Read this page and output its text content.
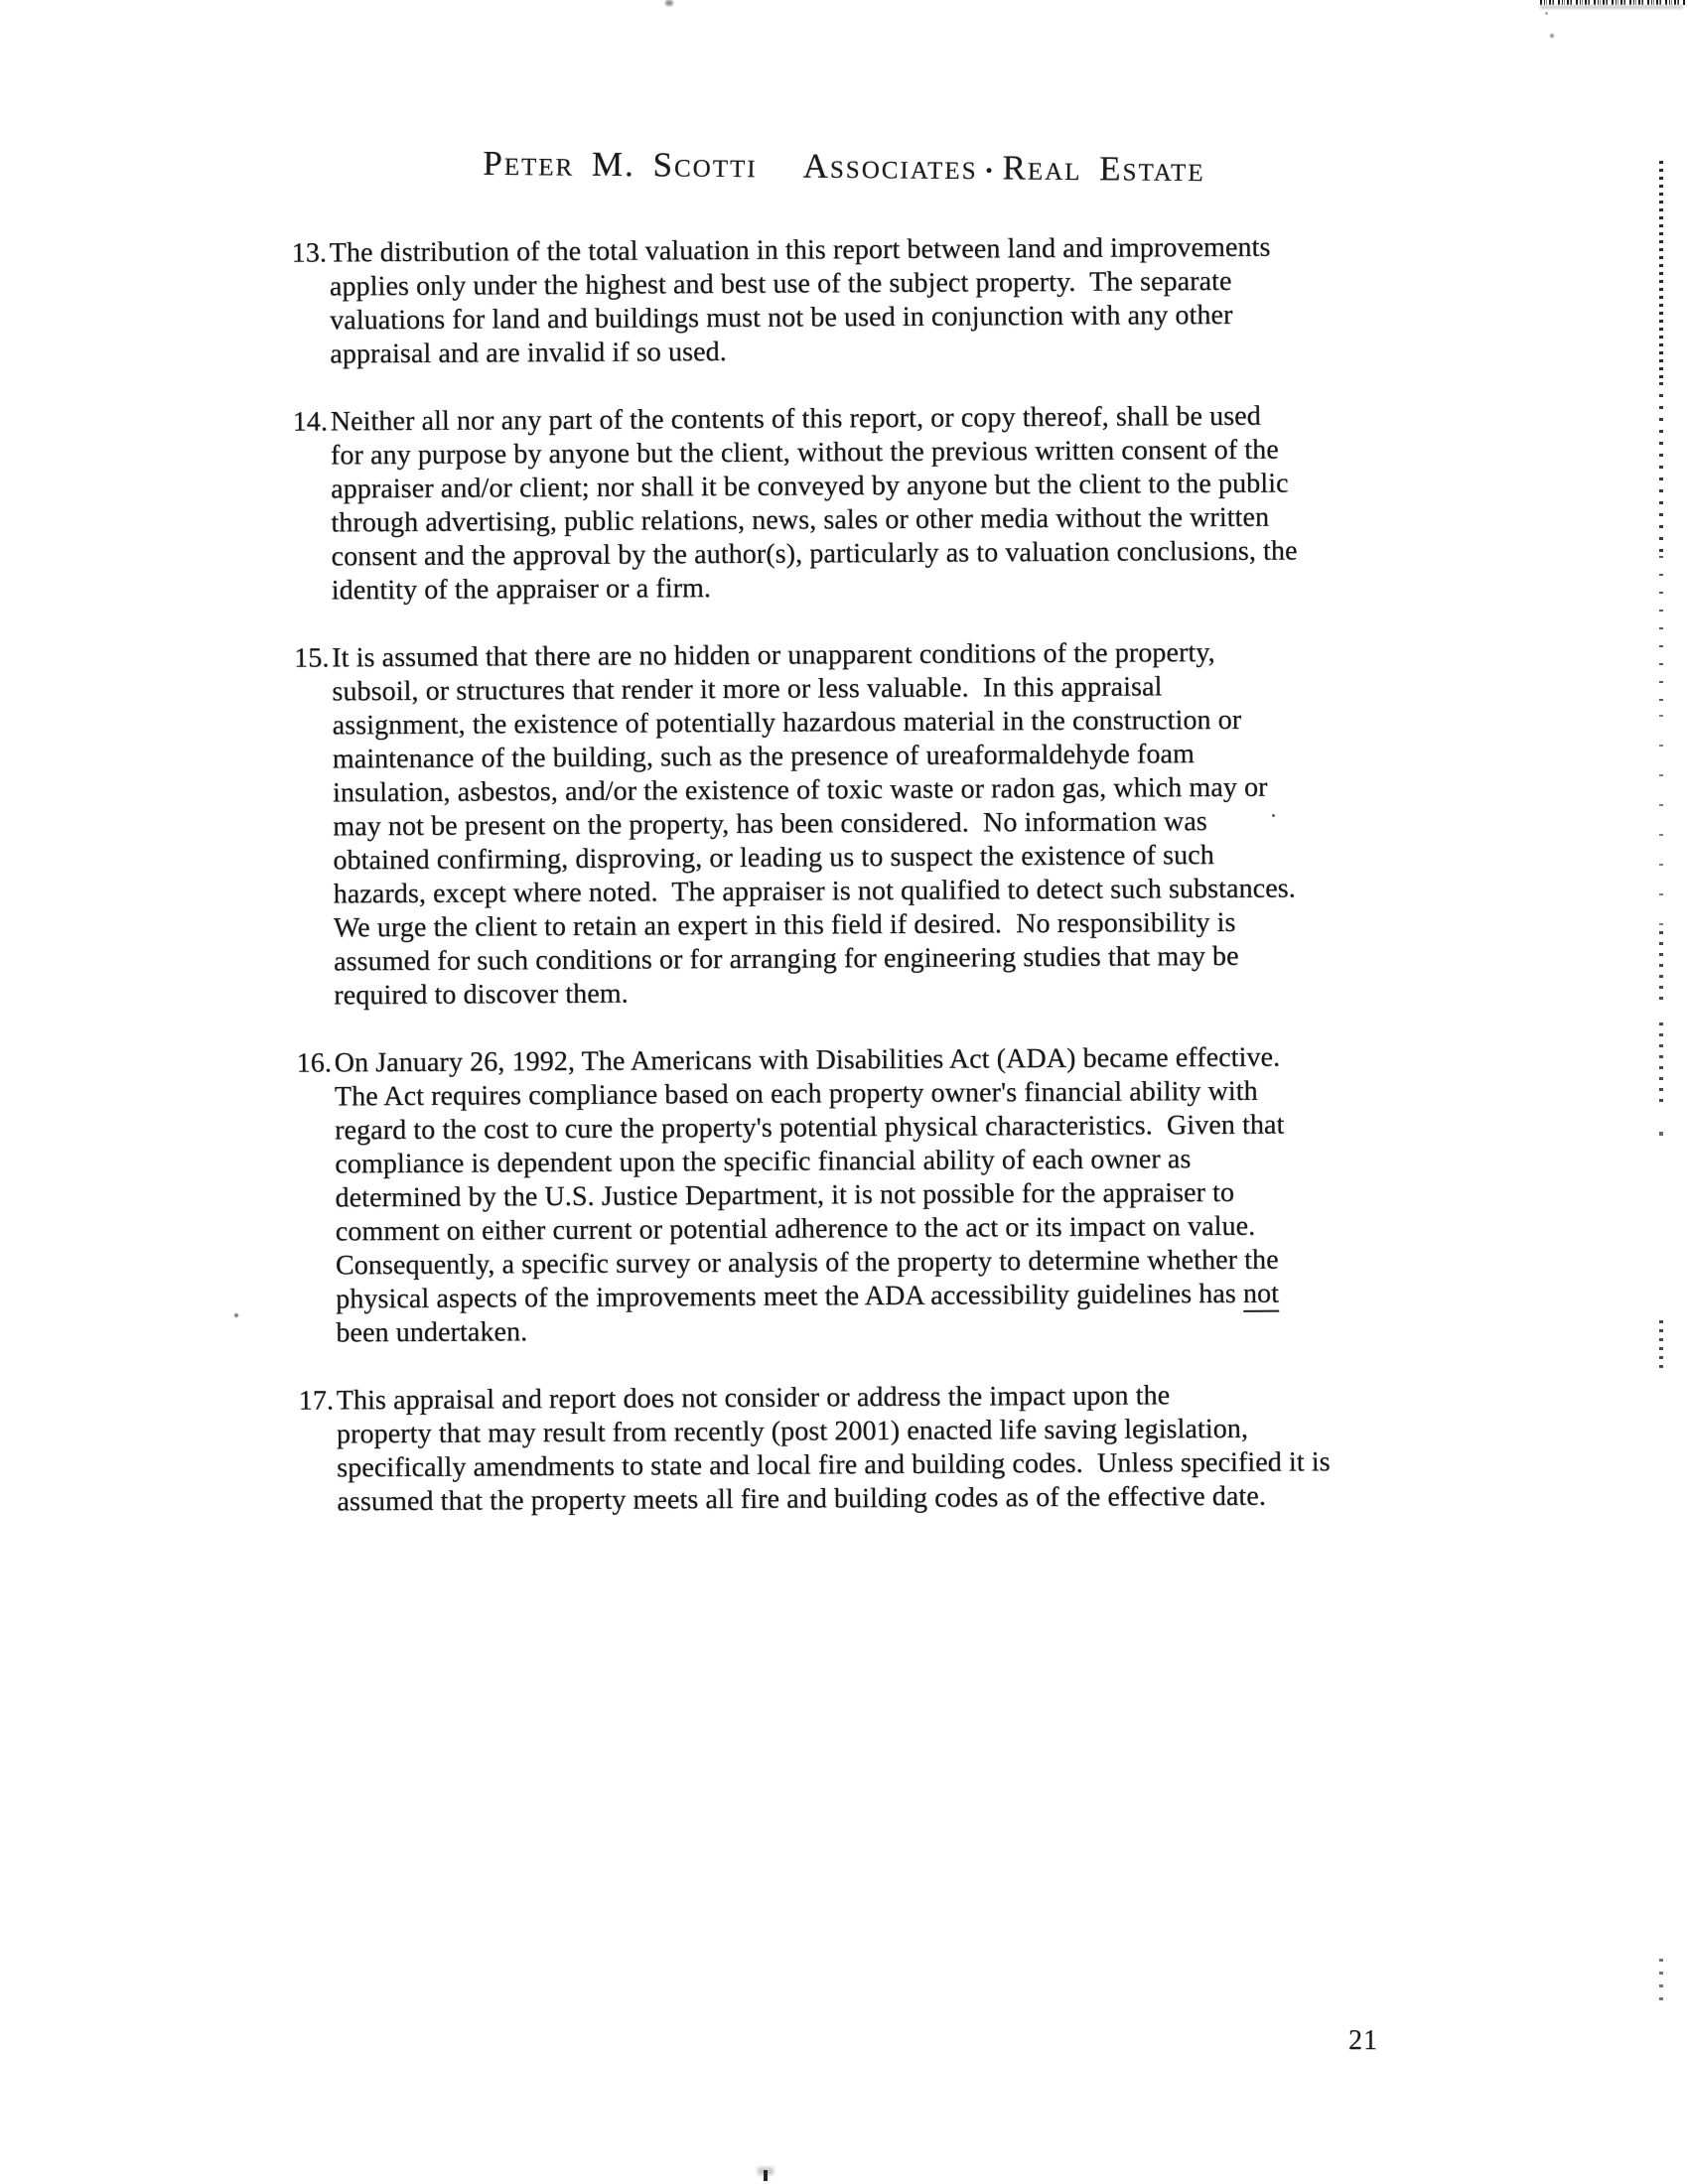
Peter M. Scotti Associates • Real Estate
13. The distribution of the total valuation in this report between land and improvements
applies only under the highest and best use of the subject property.  The separate
valuations for land and buildings must not be used in conjunction with any other
appraisal and are invalid if so used.
14. Neither all nor any part of the contents of this report, or copy thereof, shall be used
for any purpose by anyone but the client, without the previous written consent of the
appraiser and/or client; nor shall it be conveyed by anyone but the client to the public
through advertising, public relations, news, sales or other media without the written
consent and the approval by the author(s), particularly as to valuation conclusions, the
identity of the appraiser or a firm.
15. It is assumed that there are no hidden or unapparent conditions of the property,
subsoil, or structures that render it more or less valuable.  In this appraisal
assignment, the existence of potentially hazardous material in the construction or
maintenance of the building, such as the presence of ureaformaldehyde foam
insulation, asbestos, and/or the existence of toxic waste or radon gas, which may or
may not be present on the property, has been considered.  No information was
obtained confirming, disproving, or leading us to suspect the existence of such
hazards, except where noted.  The appraiser is not qualified to detect such substances.
We urge the client to retain an expert in this field if desired.  No responsibility is
assumed for such conditions or for arranging for engineering studies that may be
required to discover them.
16. On January 26, 1992, The Americans with Disabilities Act (ADA) became effective.
The Act requires compliance based on each property owner's financial ability with
regard to the cost to cure the property's potential physical characteristics.  Given that
compliance is dependent upon the specific financial ability of each owner as
determined by the U.S. Justice Department, it is not possible for the appraiser to
comment on either current or potential adherence to the act or its impact on value.
Consequently, a specific survey or analysis of the property to determine whether the
physical aspects of the improvements meet the ADA accessibility guidelines has not
been undertaken.
17. This appraisal and report does not consider or address the impact upon the
property that may result from recently (post 2001) enacted life saving legislation,
specifically amendments to state and local fire and building codes.  Unless specified it is
assumed that the property meets all fire and building codes as of the effective date.
21
